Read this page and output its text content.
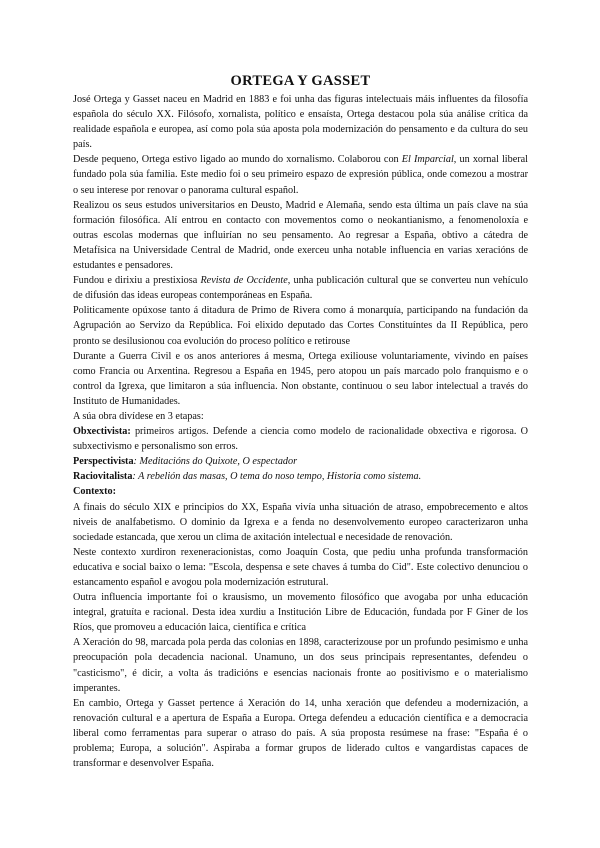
ORTEGA Y GASSET

José Ortega y Gasset naceu en Madrid en 1883 e foi unha das figuras intelectuais máis influentes da filosofía española do século XX. Filósofo, xornalista, político e ensaísta, Ortega destacou pola súa análise crítica da realidade española e europea, así como pola súa aposta pola modernización do pensamento e da cultura do seu país.

Desde pequeno, Ortega estivo ligado ao mundo do xornalismo. Colaborou con El Imparcial, un xornal liberal fundado pola súa familia. Este medio foi o seu primeiro espazo de expresión pública, onde comezou a mostrar o seu interese por renovar o panorama cultural español.

Realizou os seus estudos universitarios en Deusto, Madrid e Alemaña, sendo esta última un país clave na súa formación filosófica. Alí entrou en contacto con movementos como o neokantianismo, a fenomenoloxía e outras escolas modernas que influirían no seu pensamento. Ao regresar a España, obtivo a cátedra de Metafísica na Universidade Central de Madrid, onde exerceu unha notable influencia en varias xeracións de estudantes e pensadores.

Fundou e dirixiu a prestixiosa Revista de Occidente, unha publicación cultural que se converteu nun vehículo de difusión das ideas europeas contemporáneas en España.

Politicamente opúxose tanto á ditadura de Primo de Rivera como á monarquía, participando na fundación da Agrupación ao Servizo da República. Foi elixido deputado das Cortes Constituíntes da II República, pero pronto se desilusionou coa evolución do proceso político e retirouse

Durante a Guerra Civil e os anos anteriores á mesma, Ortega exiliouse voluntariamente, vivindo en países como Francia ou Arxentina. Regresou a España en 1945, pero atopou un país marcado polo franquismo e o control da Igrexa, que limitaron a súa influencia. Non obstante, continuou o seu labor intelectual a través do Instituto de Humanidades.

A súa obra divídese en 3 etapas:

Obxectivista: primeiros artigos. Defende a ciencia como modelo de racionalidade obxectiva e rigorosa. O subxectivismo e personalismo son erros.

Perspectivista: Meditacións do Quixote, O espectador

Raciovitalista: A rebelión das masas, O tema do noso tempo, Historia como sistema.

Contexto:

A finais do século XIX e principios do XX, España vivía unha situación de atraso, empobrecemento e altos niveis de analfabetismo. O dominio da Igrexa e a fenda no desenvolvemento europeo caracterizaron unha sociedade estancada, que xerou un clima de axitación intelectual e necesidade de renovación.

Neste contexto xurdiron rexeneracionistas, como Joaquín Costa, que pediu unha profunda transformación educativa e social baixo o lema: "Escola, despensa e sete chaves á tumba do Cid". Este colectivo denunciou o estancamento español e avogou pola modernización estrutural.

Outra influencia importante foi o krausismo, un movemento filosófico que avogaba por unha educación integral, gratuíta e racional. Desta idea xurdiu a Institución Libre de Educación, fundada por F Giner de los Ríos, que promoveu a educación laica, científica e crítica

A Xeración do 98, marcada pola perda das colonias en 1898, caracterizouse por un profundo pesimismo e unha preocupación pola decadencia nacional. Unamuno, un dos seus principais representantes, defendeu o "casticismo", é dicir, a volta ás tradicións e esencias nacionais fronte ao positivismo e o materialismo imperantes.

En cambio, Ortega y Gasset pertence á Xeración do 14, unha xeración que defendeu a modernización, a renovación cultural e a apertura de España a Europa. Ortega defendeu a educación científica e a democracia liberal como ferramentas para superar o atraso do país. A súa proposta resúmese na frase: "España é o problema; Europa, a solución". Aspiraba a formar grupos de liderado cultos e vangardistas capaces de transformar e desenvolver España.
